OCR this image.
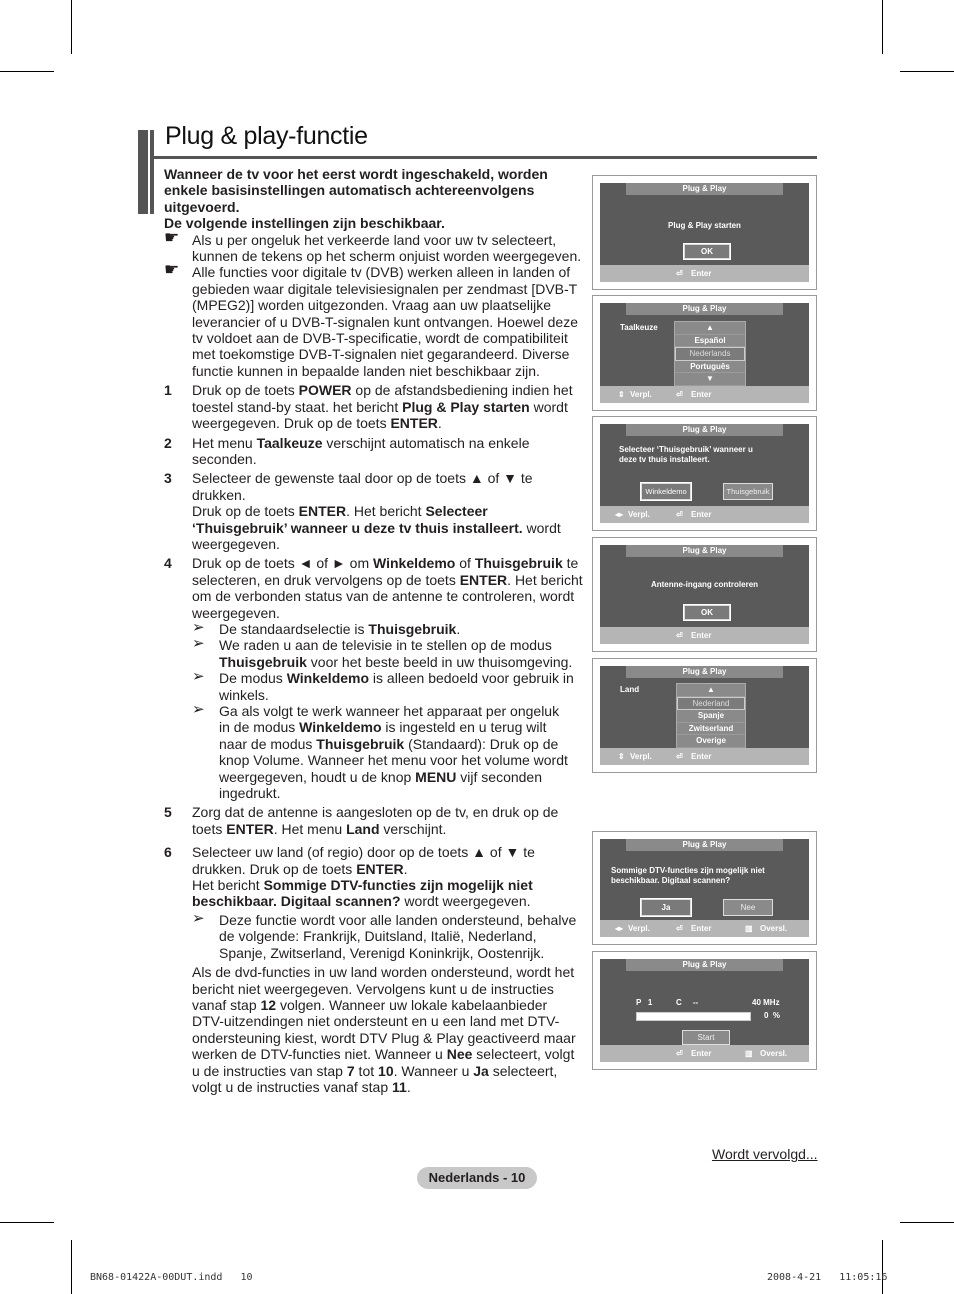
Plug & play-functie
Wanneer de tv voor het eerst wordt ingeschakeld, worden
enkele basisinstellingen automatisch achtereenvolgens
uitgevoerd.
De volgende instellingen zijn beschikbaar.
☛ Als u per ongeluk het verkeerde land voor uw tv selecteert,
kunnen de tekens op het scherm onjuist worden weergegeven.
☛ Alle functies voor digitale tv (DVB) werken alleen in landen of
gebieden waar digitale televisiesignalen per zendmast [DVB-T
(MPEG2)] worden uitgezonden. Vraag aan uw plaatselijke
leverancier of u DVB-T-signalen kunt ontvangen. Hoewel deze
tv voldoet aan de DVB-T-specificatie, wordt de compatibiliteit
met toekomstige DVB-T-signalen niet gegarandeerd. Diverse
functie kunnen in bepaalde landen niet beschikbaar zijn.
1 Druk op de toets POWER op de afstandsbediening indien het
toestel stand-by staat. het bericht Plug & Play starten wordt
weergegeven. Druk op de toets ENTER.
2 Het menu Taalkeuze verschijnt automatisch na enkele
seconden.
3 Selecteer de gewenste taal door op de toets ▲ of ▼ te drukken.
Druk op de toets ENTER. Het bericht Selecteer
‘Thuisgebruik’ wanneer u deze tv thuis installeert. wordt
weergegeven.
4 Druk op de toets ◄ of ► om Winkeldemo of Thuisgebruik te
selecteren, en druk vervolgens op de toets ENTER. Het bericht
om de verbonden status van de antenne te controleren, wordt
weergegeven.
➢ De standaardselectie is Thuisgebruik.
➢ We raden u aan de televisie in te stellen op de modus
Thuisgebruik voor het beste beeld in uw thuisomgeving.
➢ De modus Winkeldemo is alleen bedoeld voor gebruik in
winkels.
➢ Ga als volgt te werk wanneer het apparaat per ongeluk
in de modus Winkeldemo is ingesteld en u terug wilt
naar de modus Thuisgebruik (Standaard): Druk op de
knop Volume. Wanneer het menu voor het volume wordt
weergegeven, houdt u de knop MENU vijf seconden
ingedrukt.
5 Zorg dat de antenne is aangesloten op de tv, en druk op de
toets ENTER. Het menu Land verschijnt.
6 Selecteer uw land (of regio) door op de toets ▲ of ▼ te
drukken. Druk op de toets ENTER.
Het bericht Sommige DTV-functies zijn mogelijk niet
beschikbaar. Digitaal scannen? wordt weergegeven.
➢ Deze functie wordt voor alle landen ondersteund, behalve
de volgende: Frankrijk, Duitsland, Italië, Nederland,
Spanje, Zwitserland, Verenigd Koninkrijk, Oostenrijk.
Als de dvd-functies in uw land worden ondersteund, wordt het
bericht niet weergegeven. Vervolgens kunt u de instructies
vanaf stap 12 volgen. Wanneer uw lokale kabelaanbieder
DTV-uitzendingen niet ondersteunt en u een land met DTV-
ondersteuning kiest, wordt DTV Plug & Play geactiveerd maar
werken de DTV-functies niet. Wanneer u Nee selecteert, volgt
u de instructies van stap 7 tot 10. Wanneer u Ja selecteert,
volgt u de instructies vanaf stap 11.
Plug & Play
Plug & Play starten
OK
⏎ Enter
Plug & Play
Taalkeuze	▲
Español
Nederlands
Português
▼
⇕ Verpl.	⏎ Enter
Plug & Play
Selecteer ‘Thuisgebruik’ wanneer u
deze tv thuis installeert.
Winkeldemo	Thuisgebruik
◂▸ Verpl.	⏎ Enter
Plug & Play
Antenne-ingang controleren
OK
⏎ Enter
Plug & Play
Land	▲
Nederland
Spanje
Zwitserland
Overige
⇕ Verpl.	⏎ Enter
Plug & Play
Sommige DTV-functies zijn mogelijk niet
beschikbaar. Digitaal scannen?
Ja	Nee
◂▸ Verpl.	⏎ Enter	▥ Oversl.
Plug & Play
P   1	C     --	40 MHz
0  %
Start
⏎ Enter	▥ Oversl.
Wordt vervolgd...
Nederlands - 10
BN68-01422A-00DUT.indd   10	2008-4-21   11:05:16
